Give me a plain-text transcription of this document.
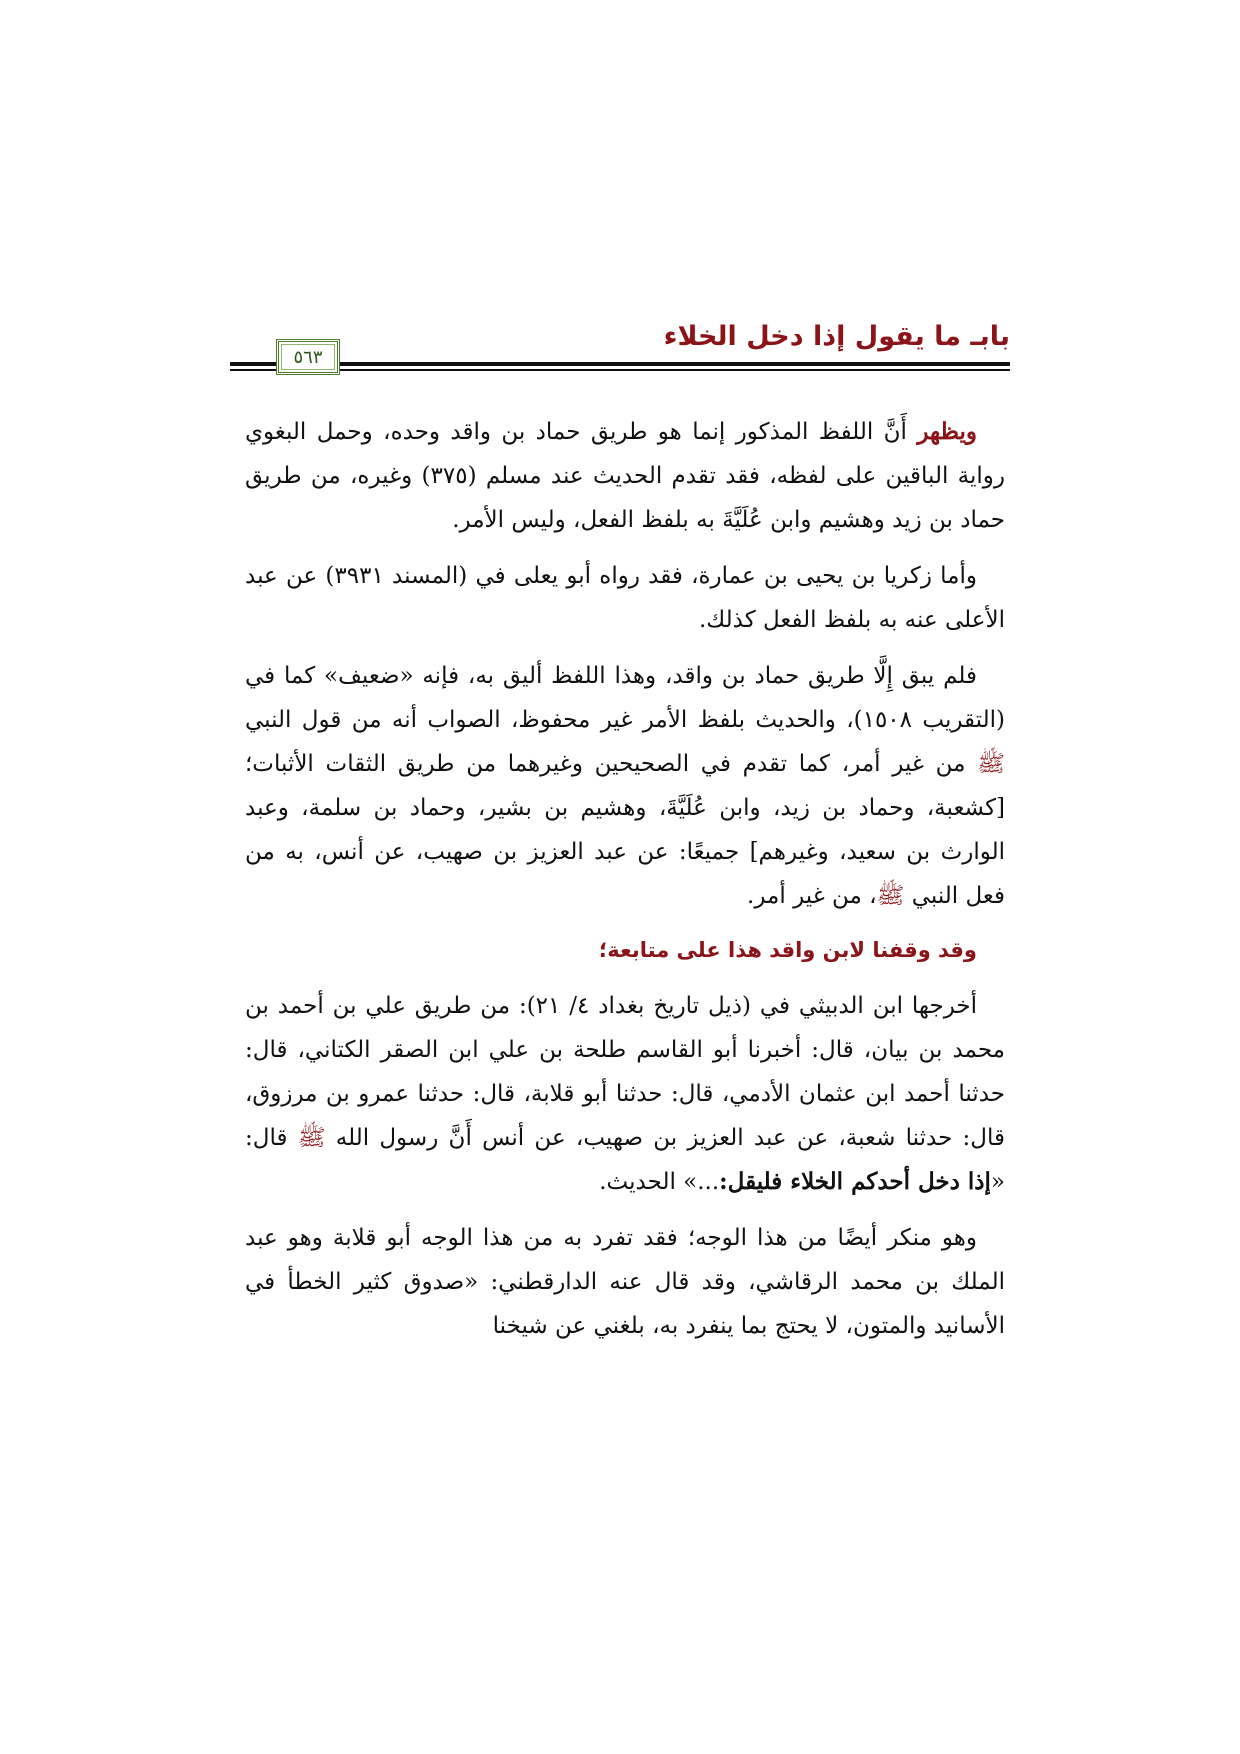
بابـ ما يقول إذا دخل الخلاء
٥٦٣

ويظهر أَنَّ اللفظ المذكور إنما هو طريق حماد بن واقد وحده، وحمل البغوي رواية الباقين على لفظه، فقد تقدم الحديث عند مسلم (٣٧٥) وغيره، من طريق حماد بن زيد وهشيم وابن عُلَيَّةَ به بلفظ الفعل، وليس الأمر.

وأما زكريا بن يحيى بن عمارة، فقد رواه أبو يعلى في (المسند ٣٩٣١) عن عبد الأعلى عنه به بلفظ الفعل كذلك.

فلم يبق إِلَّا طريق حماد بن واقد، وهذا اللفظ أليق به، فإنه «ضعيف» كما في (التقريب ١٥٠٨)، والحديث بلفظ الأمر غير محفوظ، الصواب أنه من قول النبي ﷺ من غير أمر، كما تقدم في الصحيحين وغيرهما من طريق الثقات الأثبات؛ [كشعبة، وحماد بن زيد، وابن عُلَيَّةَ، وهشيم بن بشير، وحماد بن سلمة، وعبد الوارث بن سعيد، وغيرهم] جميعًا: عن عبد العزيز بن صهيب، عن أنس، به من فعل النبي ﷺ، من غير أمر.

وقد وقفنا لابن واقد هذا على متابعة؛

أخرجها ابن الدبيثي في (ذيل تاريخ بغداد ٤/ ٢١): من طريق علي بن أحمد بن محمد بن بيان، قال: أخبرنا أبو القاسم طلحة بن علي ابن الصقر الكتاني، قال: حدثنا أحمد ابن عثمان الأدمي، قال: حدثنا أبو قلابة، قال: حدثنا عمرو بن مرزوق، قال: حدثنا شعبة، عن عبد العزيز بن صهيب، عن أنس أَنَّ رسول الله ﷺ قال: «إذا دخل أحدكم الخلاء فليقل:...» الحديث.

وهو منكر أيضًا من هذا الوجه؛ فقد تفرد به من هذا الوجه أبو قلابة وهو عبد الملك بن محمد الرقاشي، وقد قال عنه الدارقطني: «صدوق كثير الخطأ في الأسانيد والمتون، لا يحتج بما ينفرد به، بلغني عن شيخنا
